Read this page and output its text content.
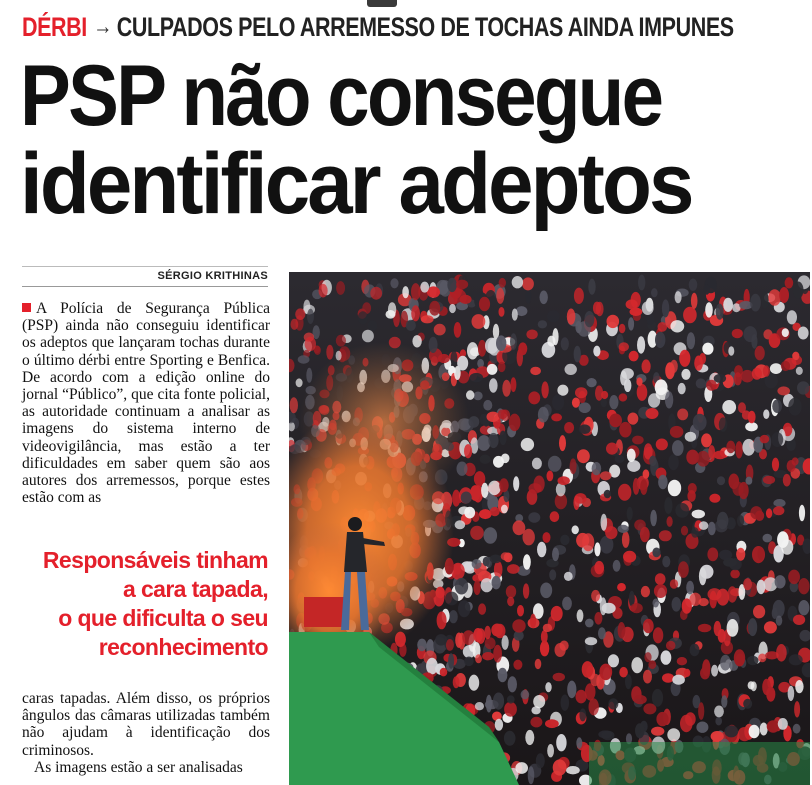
DÉRBI → CULPADOS PELO ARREMESSO DE TOCHAS AINDA IMPUNES
PSP não consegue
identificar adeptos
SÉRGIO KRITHINAS

A Polícia de Segurança Pública (PSP) ainda não conseguiu identificar os adeptos que lançaram tochas durante o último dérbi entre Sporting e Benfica. De acordo com a edição online do jornal “Público”, que cita fonte policial, as autoridade continuam a analisar as imagens do sistema interno de videovigilância, mas estão a ter dificuldades em saber quem são aos autores dos arremessos, porque estes estão com as

Responsáveis tinham
a cara tapada,
o que dificulta o seu
reconhecimento

caras tapadas. Além disso, os próprios ângulos das câmaras utilizadas também não ajudam à identificação dos criminosos.

As imagens estão a ser analisadas
